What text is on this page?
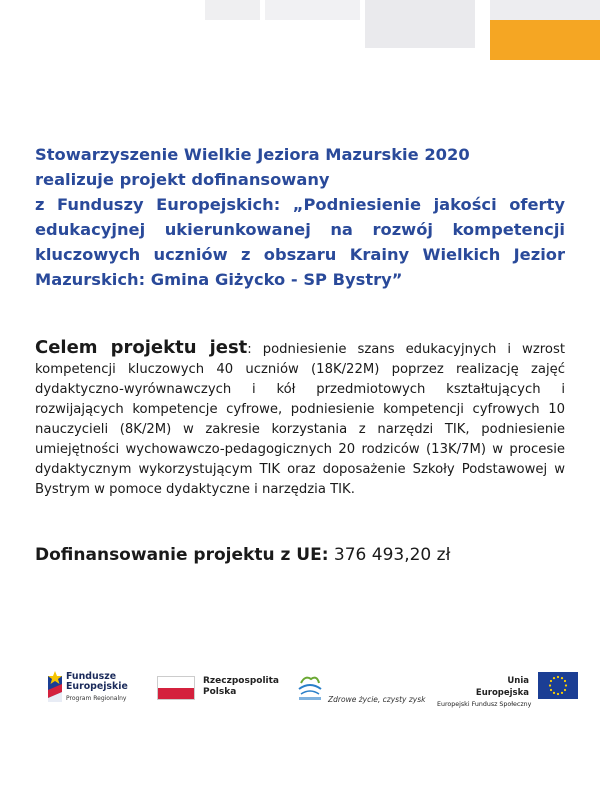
Stowarzyszenie Wielkie Jeziora Mazurskie 2020
realizuje projekt dofinansowany
z Funduszy Europejskich: „Podniesienie jakości oferty
edukacyjnej ukierunkowanej na rozwój kompetencji
kluczowych uczniów z obszaru Krainy Wielkich Jezior
Mazurskich: Gmina Giżycko - SP Bystry”
Celem projektu jest: podniesienie szans edukacyjnych i wzrost kompetencji kluczowych 40 uczniów (18K/22M) poprzez realizację zajęć dydaktyczno-wyrównawczych i kół przedmiotowych kształtujących i rozwijających kompetencje cyfrowe, podniesienie kompetencji cyfrowych 10 nauczycieli (8K/2M) w zakresie korzystania z narzędzi TIK, podniesienie umiejętności wychowawczo-pedagogicznych 20 rodziców (13K/7M) w procesie dydaktycznym wykorzystującym TIK oraz doposażenie Szkoły Podstawowej w Bystrym w pomoce dydaktyczne i narzędzia TIK.
Dofinansowanie projektu z UE: 376 493,20 zł
Fundusze
Europejskie
Program Regionalny
Rzeczpospolita
Polska
Zdrowe życie, czysty zysk
Unia Europejska
Europejski Fundusz Społeczny
